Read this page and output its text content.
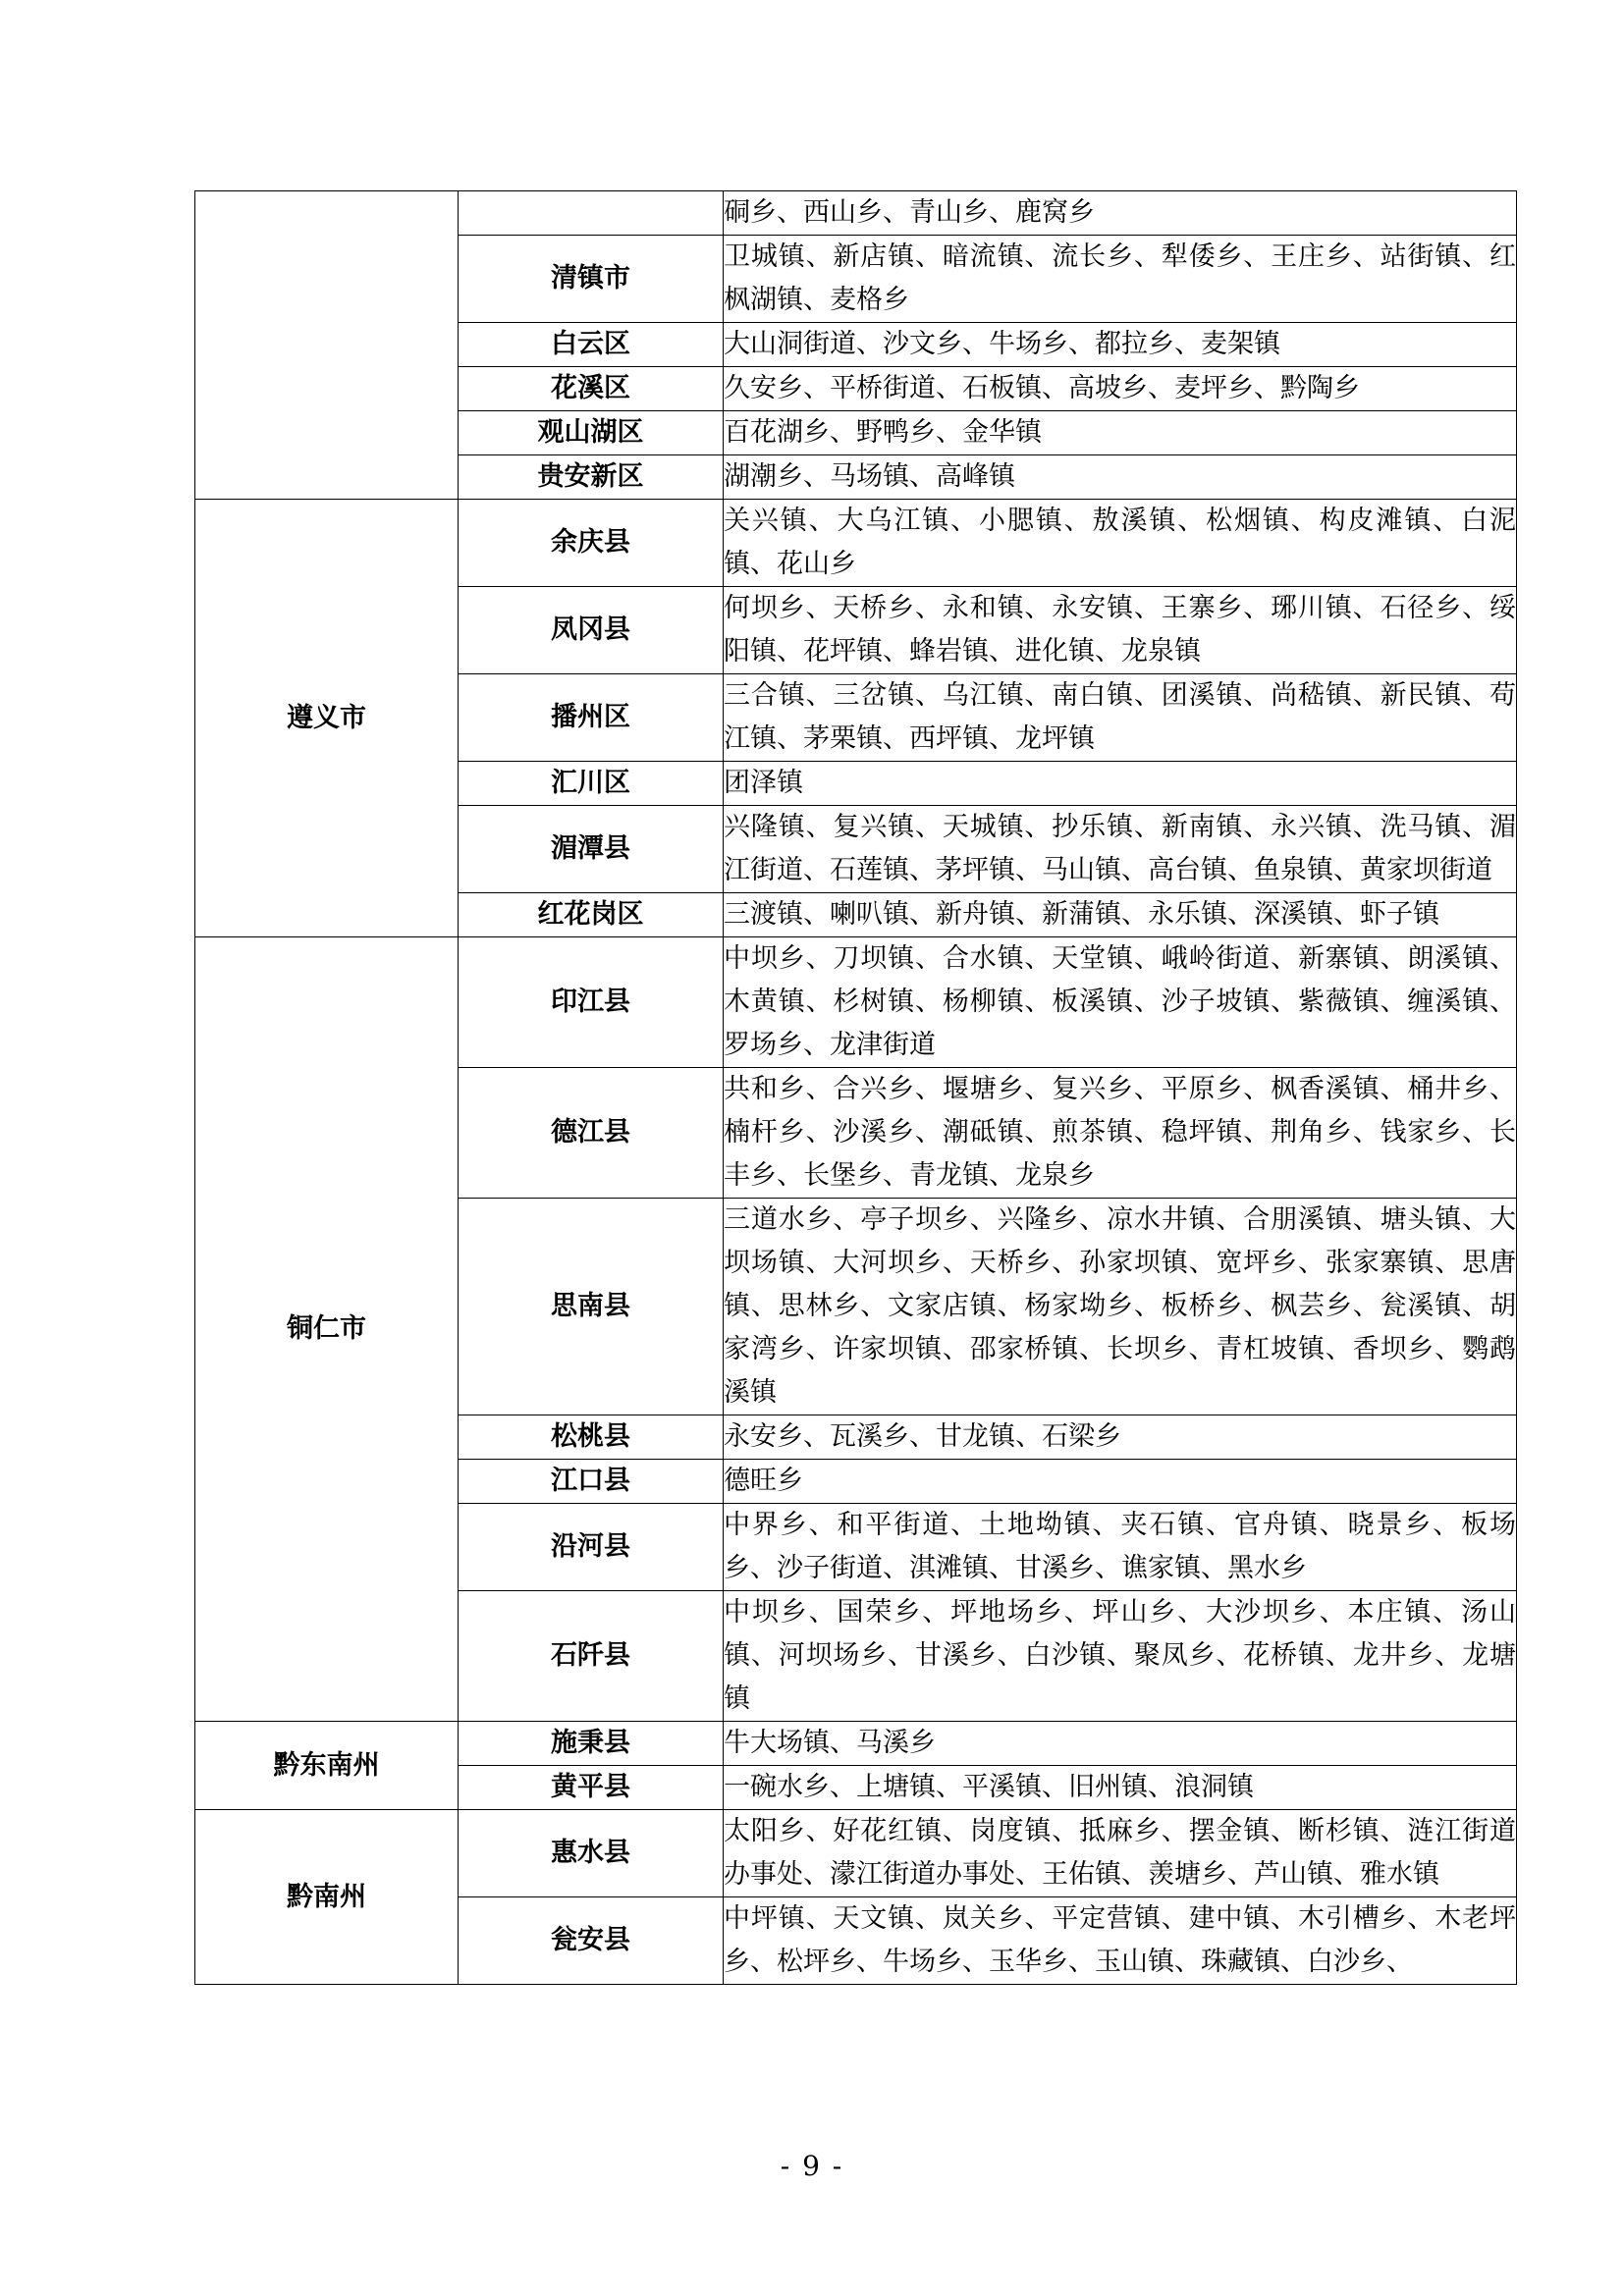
		硐乡、西山乡、青山乡、鹿窝乡
	清镇市	卫城镇、新店镇、暗流镇、流长乡、犁倭乡、王庄乡、站街镇、红枫湖镇、麦格乡
	白云区	大山洞街道、沙文乡、牛场乡、都拉乡、麦架镇
	花溪区	久安乡、平桥街道、石板镇、高坡乡、麦坪乡、黔陶乡
	观山湖区	百花湖乡、野鸭乡、金华镇
	贵安新区	湖潮乡、马场镇、高峰镇
遵义市	余庆县	关兴镇、大乌江镇、小腮镇、敖溪镇、松烟镇、构皮滩镇、白泥镇、花山乡
	凤冈县	何坝乡、天桥乡、永和镇、永安镇、王寨乡、琊川镇、石径乡、绥阳镇、花坪镇、蜂岩镇、进化镇、龙泉镇
	播州区	三合镇、三岔镇、乌江镇、南白镇、团溪镇、尚嵇镇、新民镇、苟江镇、茅栗镇、西坪镇、龙坪镇
	汇川区	团泽镇
	湄潭县	兴隆镇、复兴镇、天城镇、抄乐镇、新南镇、永兴镇、洗马镇、湄江街道、石莲镇、茅坪镇、马山镇、高台镇、鱼泉镇、黄家坝街道
	红花岗区	三渡镇、喇叭镇、新舟镇、新蒲镇、永乐镇、深溪镇、虾子镇
铜仁市	印江县	中坝乡、刀坝镇、合水镇、天堂镇、峨岭街道、新寨镇、朗溪镇、木黄镇、杉树镇、杨柳镇、板溪镇、沙子坡镇、紫薇镇、缠溪镇、罗场乡、龙津街道
	德江县	共和乡、合兴乡、堰塘乡、复兴乡、平原乡、枫香溪镇、桶井乡、楠杆乡、沙溪乡、潮砥镇、煎茶镇、稳坪镇、荆角乡、钱家乡、长丰乡、长堡乡、青龙镇、龙泉乡
	思南县	三道水乡、亭子坝乡、兴隆乡、凉水井镇、合朋溪镇、塘头镇、大坝场镇、大河坝乡、天桥乡、孙家坝镇、宽坪乡、张家寨镇、思唐镇、思林乡、文家店镇、杨家坳乡、板桥乡、枫芸乡、瓮溪镇、胡家湾乡、许家坝镇、邵家桥镇、长坝乡、青杠坡镇、香坝乡、鹦鹉溪镇
	松桃县	永安乡、瓦溪乡、甘龙镇、石梁乡
	江口县	德旺乡
	沿河县	中界乡、和平街道、土地坳镇、夹石镇、官舟镇、晓景乡、板场乡、沙子街道、淇滩镇、甘溪乡、谯家镇、黑水乡
	石阡县	中坝乡、国荣乡、坪地场乡、坪山乡、大沙坝乡、本庄镇、汤山镇、河坝场乡、甘溪乡、白沙镇、聚凤乡、花桥镇、龙井乡、龙塘镇
黔东南州	施秉县	牛大场镇、马溪乡
	黄平县	一碗水乡、上塘镇、平溪镇、旧州镇、浪洞镇
黔南州	惠水县	太阳乡、好花红镇、岗度镇、抵麻乡、摆金镇、断杉镇、涟江街道办事处、濛江街道办事处、王佑镇、羡塘乡、芦山镇、雅水镇
	瓮安县	中坪镇、天文镇、岚关乡、平定营镇、建中镇、木引槽乡、木老坪乡、松坪乡、牛场乡、玉华乡、玉山镇、珠藏镇、白沙乡、
- 9 -
